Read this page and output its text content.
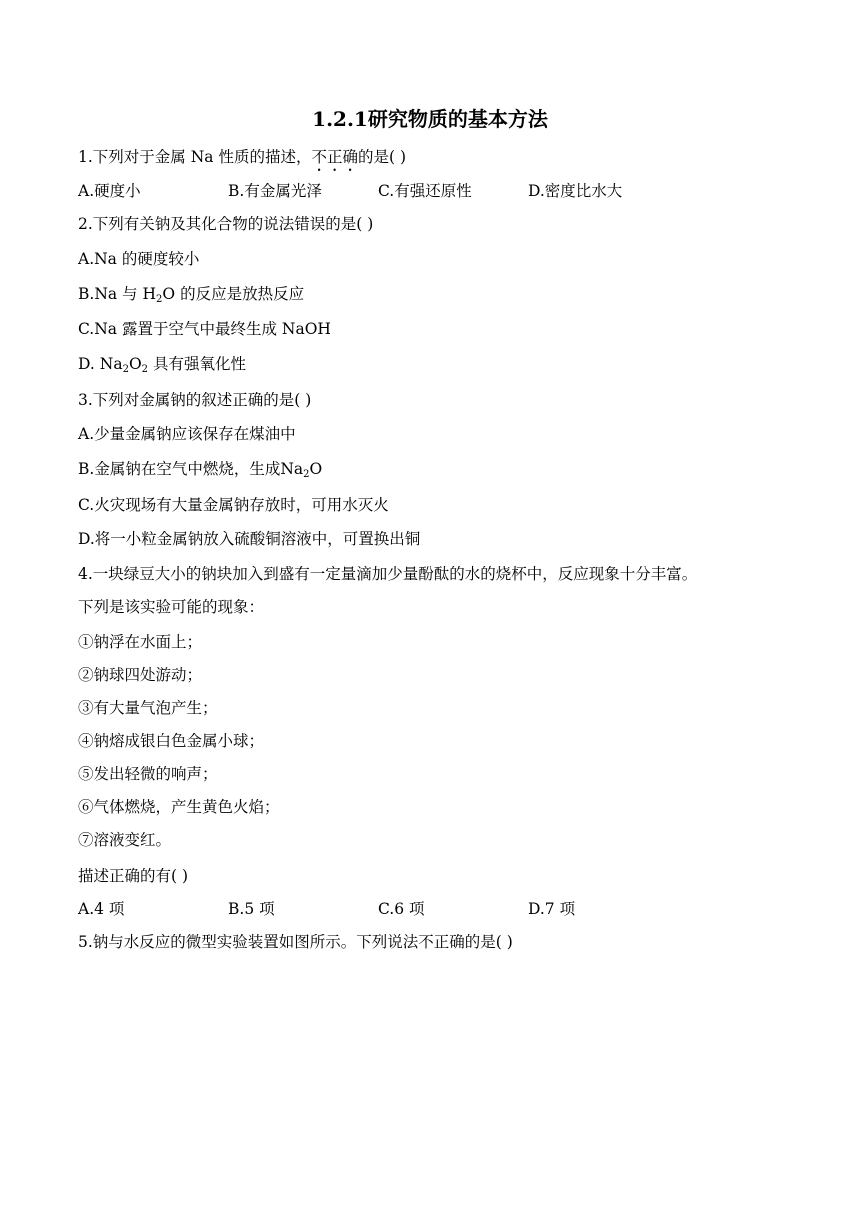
1.2.1研究物质的基本方法
1.下列对于金属 Na 性质的描述，不正确的是( )
A.硬度小	B.有金属光泽	C.有强还原性	D.密度比水大
2.下列有关钠及其化合物的说法错误的是( )
A.Na 的硬度较小
B.Na 与 $H_2O$ 的反应是放热反应
C.Na 露置于空气中最终生成 NaOH
D. $Na_2O_2$ 具有强氧化性
3.下列对金属钠的叙述正确的是( )
A.少量金属钠应该保存在煤油中
B.金属钠在空气中燃烧，生成$Na_2O$
C.火灾现场有大量金属钠存放时，可用水灭火
D.将一小粒金属钠放入硫酸铜溶液中，可置换出铜
4.一块绿豆大小的钠块加入到盛有一定量滴加少量酚酞的水的烧杯中，反应现象十分丰富。
下列是该实验可能的现象：
①钠浮在水面上；
②钠球四处游动；
③有大量气泡产生；
④钠熔成银白色金属小球；
⑤发出轻微的响声；
⑥气体燃烧，产生黄色火焰；
⑦溶液变红。
描述正确的有( )
A.4 项	B.5 项	C.6 项	D.7 项
5.钠与水反应的微型实验装置如图所示。下列说法不正确的是( )
